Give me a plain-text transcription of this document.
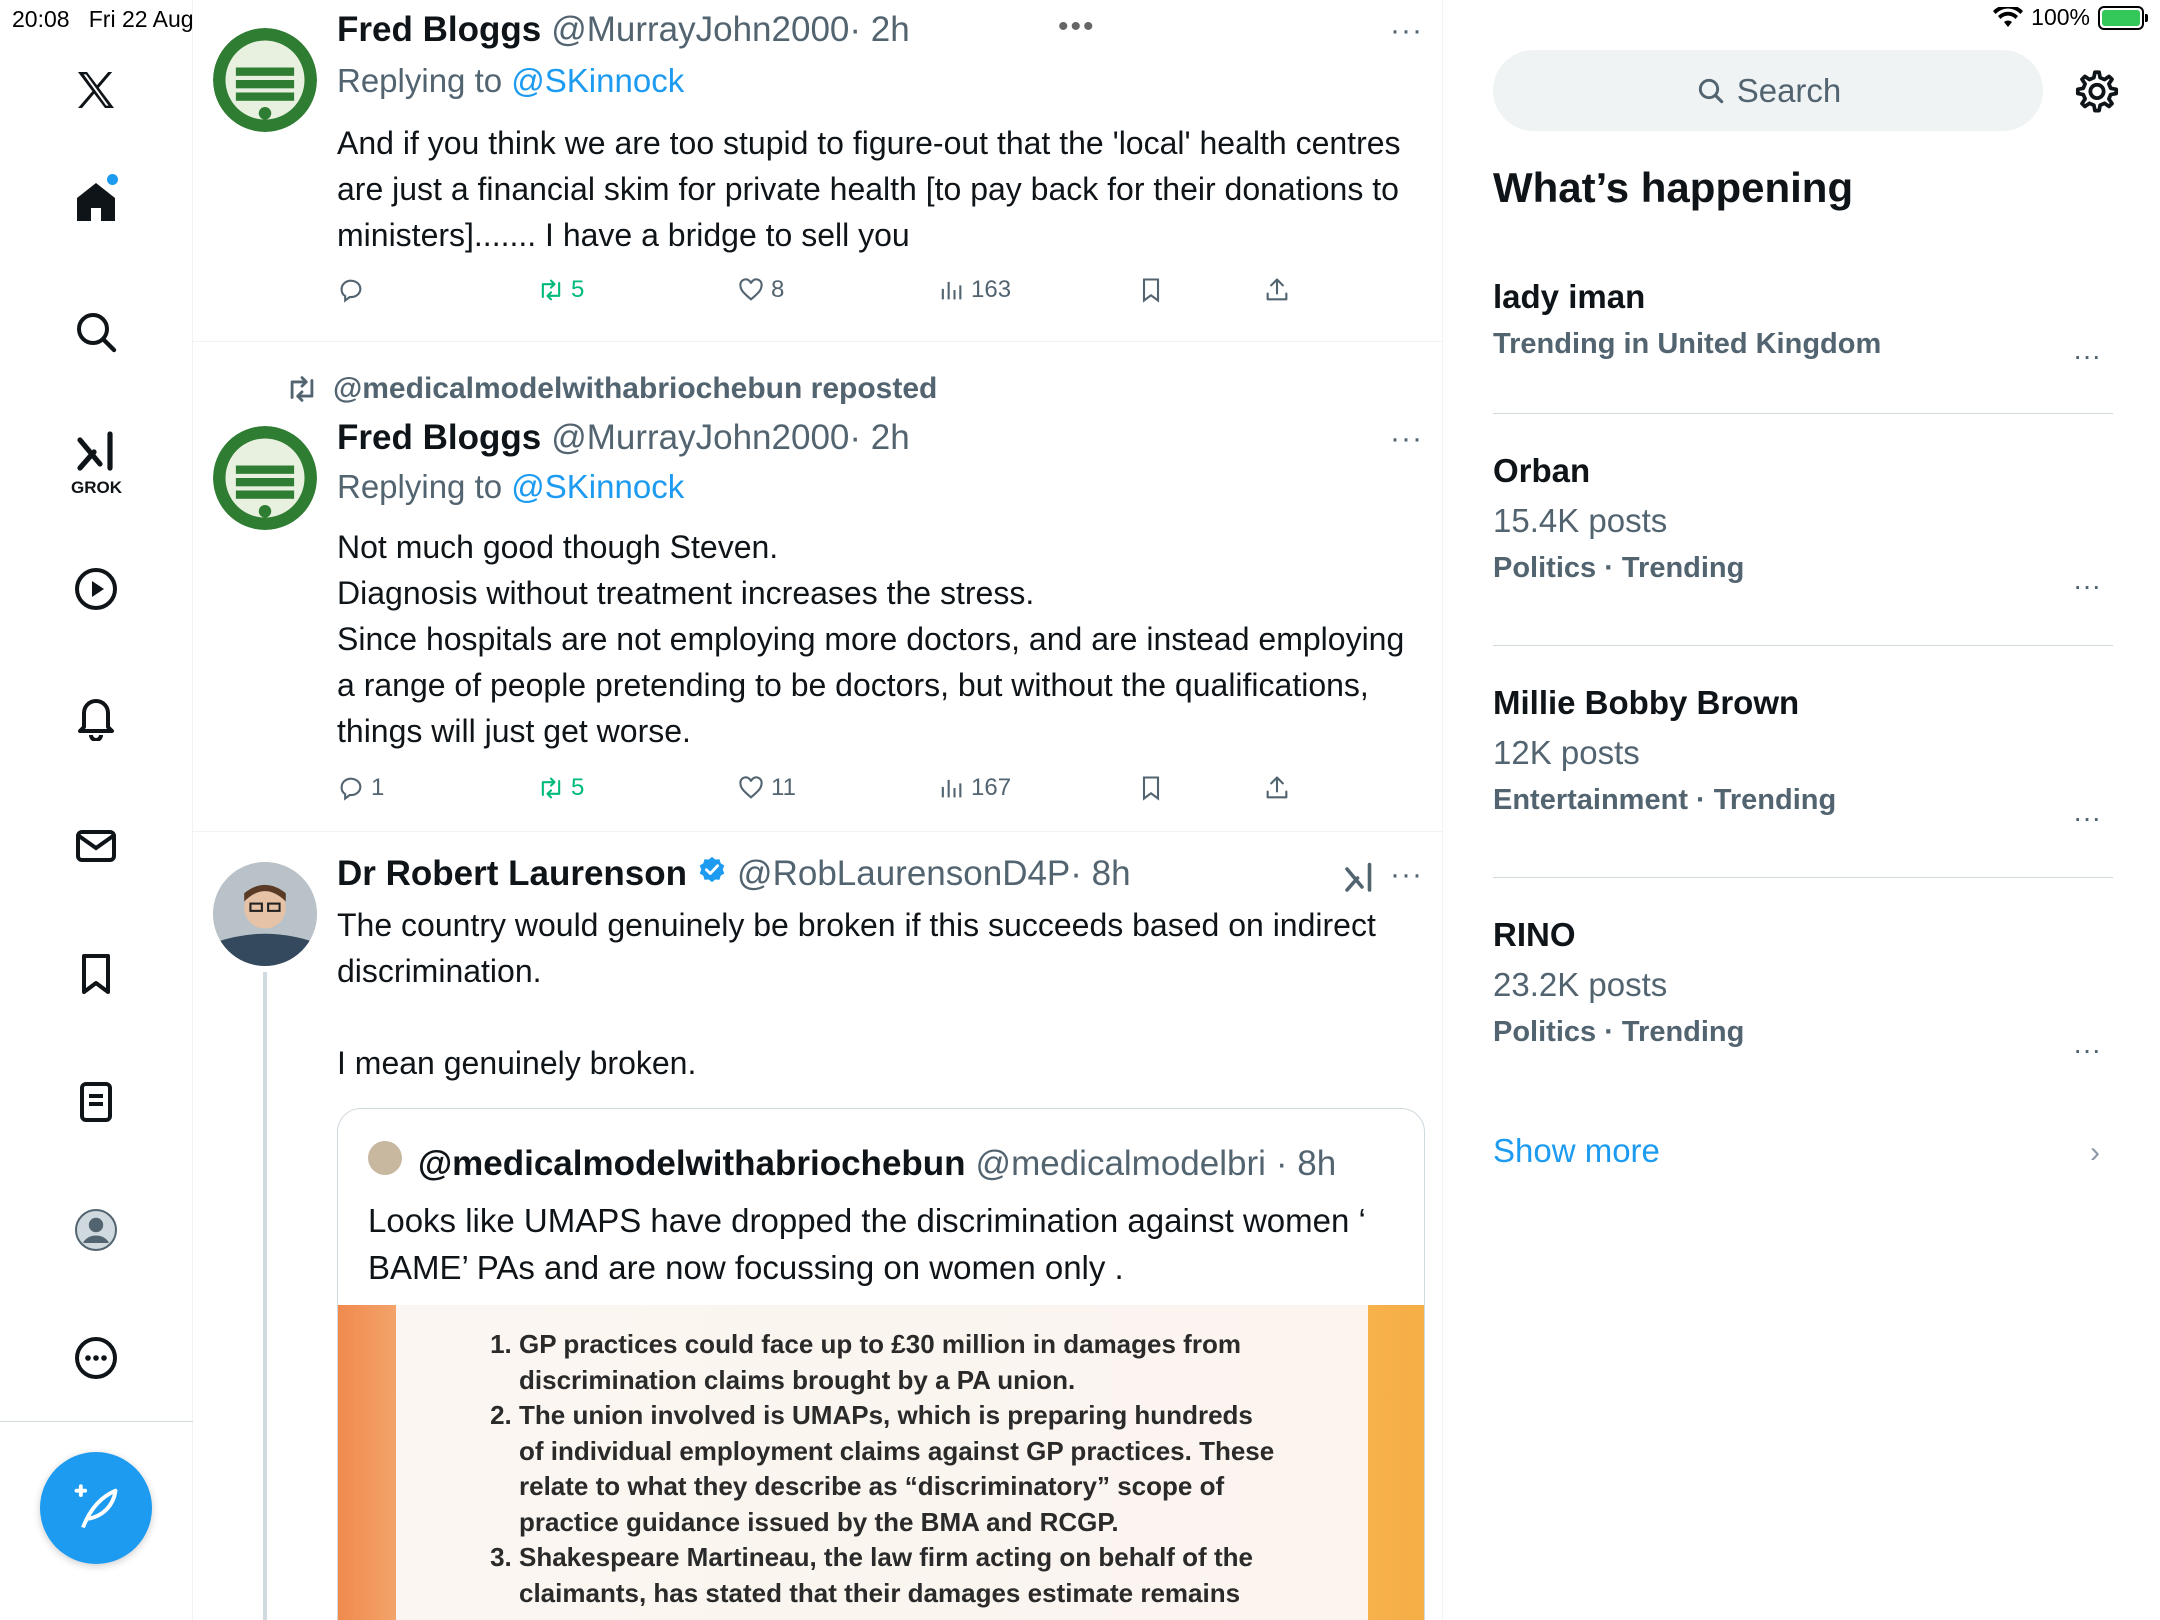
20:08 Fri 22 Aug	•••	100%
GROK
Fred Bloggs @MurrayJohn2000 · 2h	···
Replying to @SKinnock

And if you think we are too stupid to figure-out that the 'local' health centres are just a financial skim for private health [to pay back for their donations to ministers]....... I have a bridge to sell you

5	8	163
@medicalmodelwithabriochebun reposted
Fred Bloggs @MurrayJohn2000 · 2h	···
Replying to @SKinnock

Not much good though Steven.
Diagnosis without treatment increases the stress.
Since hospitals are not employing more doctors, and are instead employing a range of people pretending to be doctors, but without the qualifications, things will just get worse.

1	5	11	167
Dr Robert Laurenson @RobLaurensonD4P · 8h	···

The country would genuinely be broken if this succeeds based on indirect discrimination.

I mean genuinely broken.

@medicalmodelwithabriochebun @medicalmodelbri · 8h
Looks like UMAPS have dropped the discrimination against women ‘ BAME’ PAs and are now focussing on women only .
1. GP practices could face up to £30 million in damages from discrimination claims brought by a PA union.
2. The union involved is UMAPs, which is preparing hundreds of individual employment claims against GP practices. These relate to what they describe as “discriminatory” scope of practice guidance issued by the BMA and RCGP.
3. Shakespeare Martineau, the law firm acting on behalf of the claimants, has stated that their damages estimate remains
Search
What’s happening
lady iman
Trending in United Kingdom	···
Orban
15.4K posts
Politics · Trending
···
Millie Bobby Brown
12K posts
Entertainment · Trending
···
RINO
23.2K posts
Politics · Trending
···
Show more	›
